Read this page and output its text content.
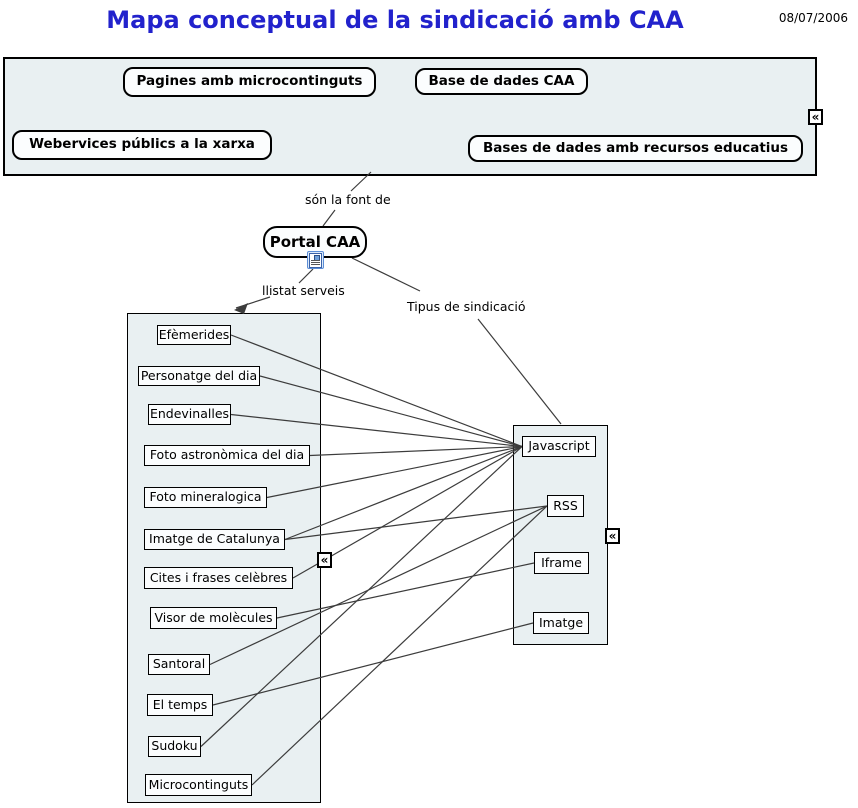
Mapa conceptual de la sindicació amb CAA	08/07/2006
Portal CAA
són la font de
llistat serveis
Tipus de sindicació
Pagines amb microcontinguts	Base de dades CAA
Webervices públics a la xarxa	Bases de dades amb recursos educatius
Efèmerides
Personatge del dia
Endevinalles
Foto astronòmica del dia
Foto mineralogica
Imatge de Catalunya
Cites i frases celèbres
Visor de molècules
Santoral
El temps
Sudoku
Microcontinguts
Javascript
RSS
Iframe
Imatge
«
«
«
